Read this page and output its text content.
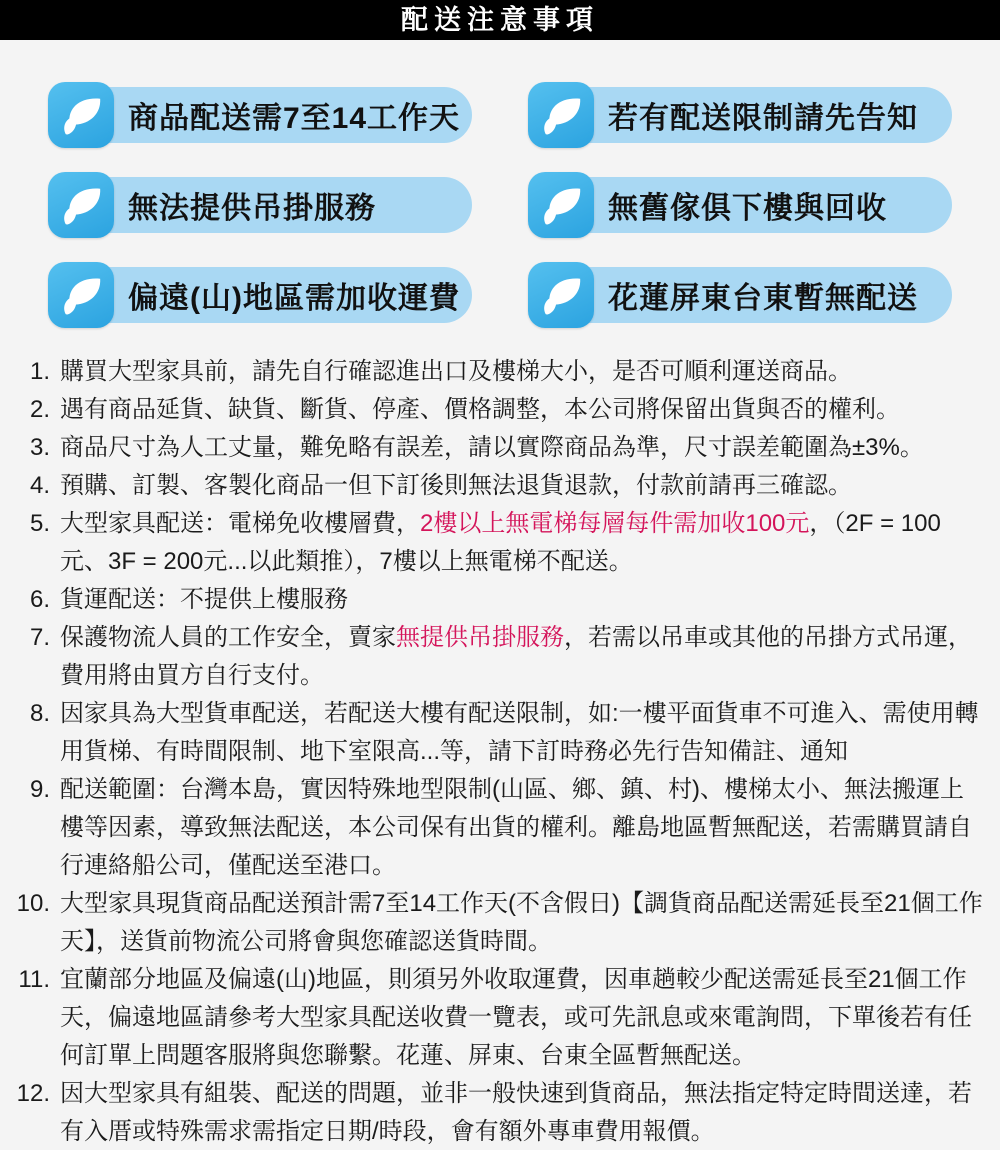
配送注意事項
商品配送需7至14工作天	若有配送限制請先告知
無法提供吊掛服務	無舊傢俱下樓與回收
偏遠(山)地區需加收運費	花蓮屏東台東暫無配送
1. 購買大型家具前，請先自行確認進出口及樓梯大小，是否可順利運送商品。
2. 遇有商品延貨、缺貨、斷貨、停產、價格調整，本公司將保留出貨與否的權利。
3. 商品尺寸為人工丈量，難免略有誤差，請以實際商品為準，尺寸誤差範圍為±3%。
4. 預購、訂製、客製化商品一但下訂後則無法退貨退款，付款前請再三確認。
5. 大型家具配送：電梯免收樓層費，2樓以上無電梯每層每件需加收100元，（2F = 100元、3F = 200元...以此類推），7樓以上無電梯不配送。
6. 貨運配送：不提供上樓服務
7. 保護物流人員的工作安全，賣家無提供吊掛服務，若需以吊車或其他的吊掛方式吊運，費用將由買方自行支付。
8. 因家具為大型貨車配送，若配送大樓有配送限制，如:一樓平面貨車不可進入、需使用轉用貨梯、有時間限制、地下室限高...等，請下訂時務必先行告知備註、通知
9. 配送範圍：台灣本島，實因特殊地型限制(山區、鄉、鎮、村)、樓梯太小、無法搬運上樓等因素，導致無法配送，本公司保有出貨的權利。離島地區暫無配送，若需購買請自行連絡船公司，僅配送至港口。
10. 大型家具現貨商品配送預計需7至14工作天(不含假日)【調貨商品配送需延長至21個工作天】，送貨前物流公司將會與您確認送貨時間。
11. 宜蘭部分地區及偏遠(山)地區，則須另外收取運費，因車趟較少配送需延長至21個工作天，偏遠地區請參考大型家具配送收費一覽表，或可先訊息或來電詢問，下單後若有任何訂單上問題客服將與您聯繫。花蓮、屏東、台東全區暫無配送。
12. 因大型家具有組裝、配送的問題，並非一般快速到貨商品，無法指定特定時間送達，若有入厝或特殊需求需指定日期/時段，會有額外專車費用報價。
